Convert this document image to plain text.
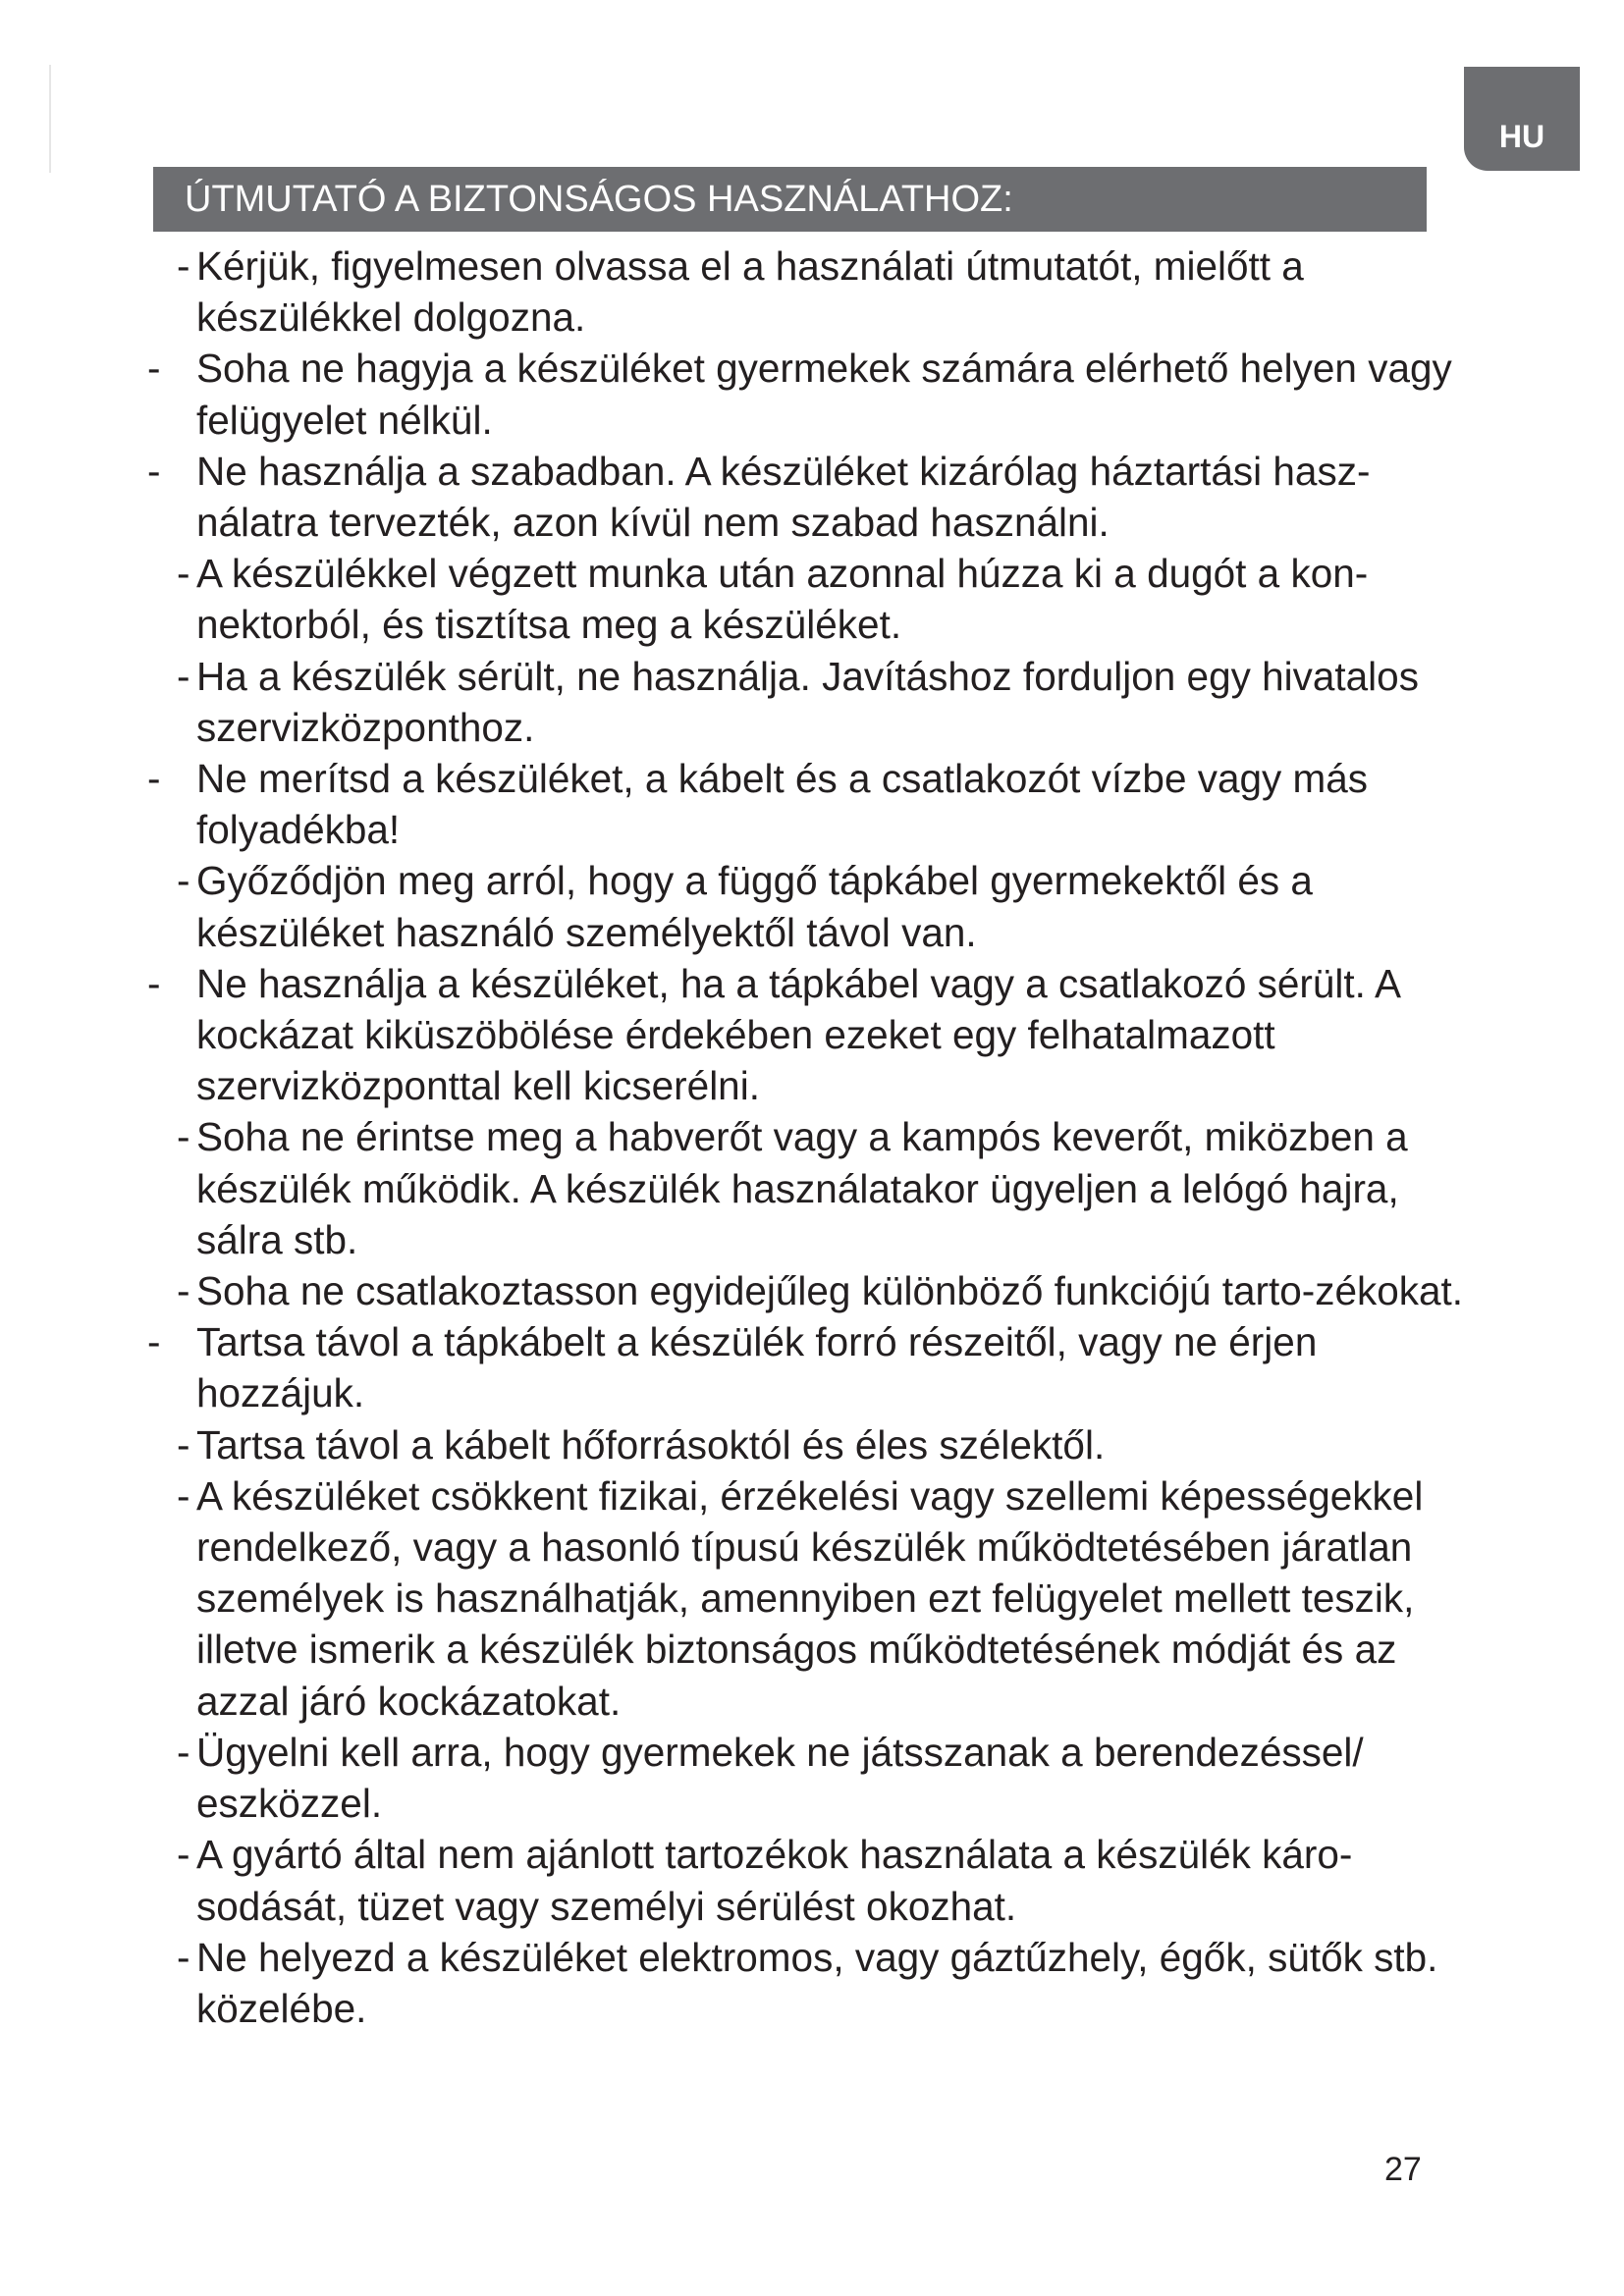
HU
ÚTMUTATÓ A BIZTONSÁGOS HASZNÁLATHOZ:
- Kérjük, figyelmesen olvassa el a használati útmutatót, mielőtt a készülékkel dolgozna.
- Soha ne hagyja a készüléket gyermekek számára elérhető helyen vagy felügyelet nélkül.
- Ne használja a szabadban. A készüléket kizárólag háztartási hasz-nálatra tervezték, azon kívül nem szabad használni.
- A készülékkel végzett munka után azonnal húzza ki a dugót a kon-nektorból, és tisztítsa meg a készüléket.
- Ha a készülék sérült, ne használja. Javításhoz forduljon egy hivatalos szervizközponthoz.
- Ne merítsd a készüléket, a kábelt és a csatlakozót vízbe vagy más folyadékba!
- Győződjön meg arról, hogy a függő tápkábel gyermekektől és a készüléket használó személyektől távol van.
- Ne használja a készüléket, ha a tápkábel vagy a csatlakozó sérült. A kockázat kiküszöbölése érdekében ezeket egy felhatalmazott szervizközponttal kell kicserélni.
- Soha ne érintse meg a habverőt vagy a kampós keverőt, miközben a készülék működik. A készülék használatakor ügyeljen a lelógó hajra, sálra stb.
- Soha ne csatlakoztasson egyidejűleg különböző funkciójú tarto-zékokat.
- Tartsa távol a tápkábelt a készülék forró részeitől, vagy ne érjen hozzájuk.
- Tartsa távol a kábelt hőforrásoktól és éles szélektől.
- A készüléket csökkent fizikai, érzékelési vagy szellemi képességekkel rendelkező, vagy a hasonló típusú készülék működtetésében járatlan személyek is használhatják, amennyiben ezt felügyelet mellett teszik, illetve ismerik a készülék biztonságos működtetésének módját és az azzal járó kockázatokat.
- Ügyelni kell arra, hogy gyermekek ne játsszanak a berendezéssel/ eszközzel.
- A gyártó által nem ajánlott tartozékok használata a készülék káro-sodását, tüzet vagy személyi sérülést okozhat.
- Ne helyezd a készüléket elektromos, vagy gáztűzhely, égők, sütők stb. közelébe.
27
